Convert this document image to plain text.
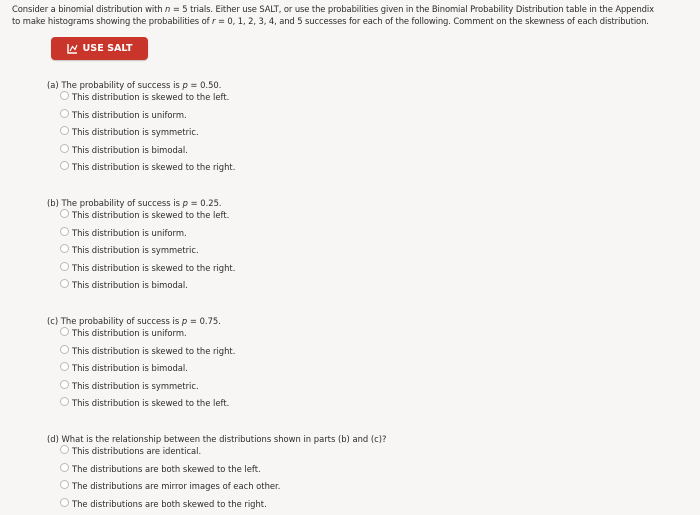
Consider a binomial distribution with n = 5 trials. Either use SALT, or use the probabilities given in the Binomial Probability Distribution table in the Appendix
to make histograms showing the probabilities of r = 0, 1, 2, 3, 4, and 5 successes for each of the following. Comment on the skewness of each distribution.
USE SALT
(a) The probability of success is p = 0.50.
This distribution is skewed to the left.
This distribution is uniform.
This distribution is symmetric.
This distribution is bimodal.
This distribution is skewed to the right.
(b) The probability of success is p = 0.25.
This distribution is skewed to the left.
This distribution is uniform.
This distribution is symmetric.
This distribution is skewed to the right.
This distribution is bimodal.
(c) The probability of success is p = 0.75.
This distribution is uniform.
This distribution is skewed to the right.
This distribution is bimodal.
This distribution is symmetric.
This distribution is skewed to the left.
(d) What is the relationship between the distributions shown in parts (b) and (c)?
This distributions are identical.
The distributions are both skewed to the left.
The distributions are mirror images of each other.
The distributions are both skewed to the right.
